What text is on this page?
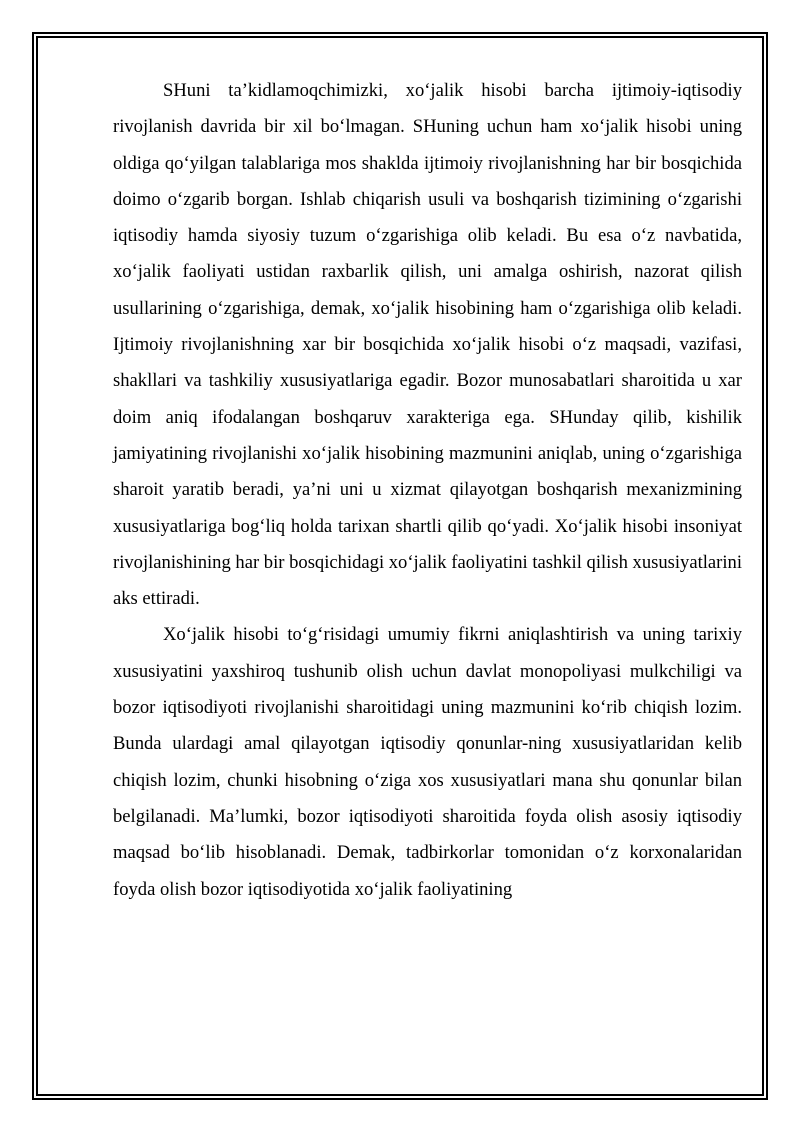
SHuni ta’kidlamoqchimizki, xo‘jalik hisobi barcha ijtimoiy-iqtisodiy rivojlanish davrida bir xil bo‘lmagan. SHuning uchun ham xo‘jalik hisobi uning oldiga qo‘yilgan talablariga mos shaklda ijtimoiy rivojlanishning har bir bosqichida doimo o‘zgarib borgan. Ishlab chiqarish usuli va boshqarish tizimining o‘zgarishi iqtisodiy hamda siyosiy tuzum o‘zgarishiga olib keladi. Bu esa o‘z navbatida, xo‘jalik faoliyati ustidan raxbarlik qilish, uni amalga oshirish, nazorat qilish usullarining o‘zgarishiga, demak, xo‘jalik hisobining ham o‘zgarishiga olib keladi. Ijtimoiy rivojlanishning xar bir bosqichida xo‘jalik hisobi o‘z maqsadi, vazifasi, shakllari va tashkiliy xususiyatlariga egadir. Bozor munosabatlari sharoitida u xar doim aniq ifodalangan boshqaruv xarakteriga ega. SHunday qilib, kishilik jamiyatining rivojlanishi xo‘jalik hisobining mazmunini aniqlab, uning o‘zgarishiga sharoit yaratib beradi, ya’ni uni u xizmat qilayotgan boshqarish mexanizmining xususiyatlariga bog‘liq holda tarixan shartli qilib qo‘yadi. Xo‘jalik hisobi insoniyat rivojlanishining har bir bosqichidagi xo‘jalik faoliyatini tashkil qilish xususiyatlarini aks ettiradi.

Xo‘jalik hisobi to‘g‘risidagi umumiy fikrni aniqlashtirish va uning tarixiy xususiyatini yaxshiroq tushunib olish uchun davlat monopoliyasi mulkchiligi va bozor iqtisodiyoti rivojlanishi sharoitidagi uning mazmunini ko‘rib chiqish lozim. Bunda ulardagi amal qilayotgan iqtisodiy qonunlar-ning xususiyatlaridan kelib chiqish lozim, chunki hisobning o‘ziga xos xususiyatlari mana shu qonunlar bilan belgilanadi. Ma’lumki, bozor iqtisodiyoti sharoitida foyda olish asosiy iqtisodiy maqsad bo‘lib hisoblanadi. Demak, tadbirkorlar tomonidan o‘z korxonalaridan foyda olish bozor iqtisodiyotida xo‘jalik faoliyatining
